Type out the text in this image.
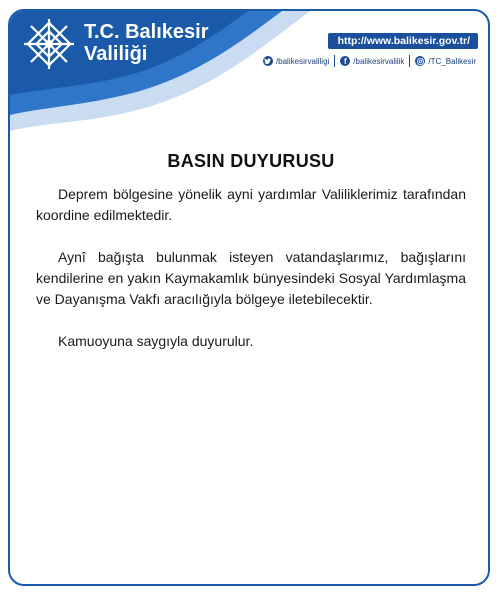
T.C. Balıkesir
Valiliği
http://www.balikesir.gov.tr/
/balikesirvaliligi	f /balikesirvalilik	/TC_Balikesir
BASIN DUYURUSU

Deprem bölgesine yönelik ayni yardımlar Valiliklerimiz tarafından koordine edilmektedir.

Aynî bağışta bulunmak isteyen vatandaşlarımız, bağışlarını kendilerine en yakın Kaymakamlık bünyesindeki Sosyal Yardımlaşma ve Dayanışma Vakfı aracılığıyla bölgeye iletebilecektir.

Kamuoyuna saygıyla duyurulur.
